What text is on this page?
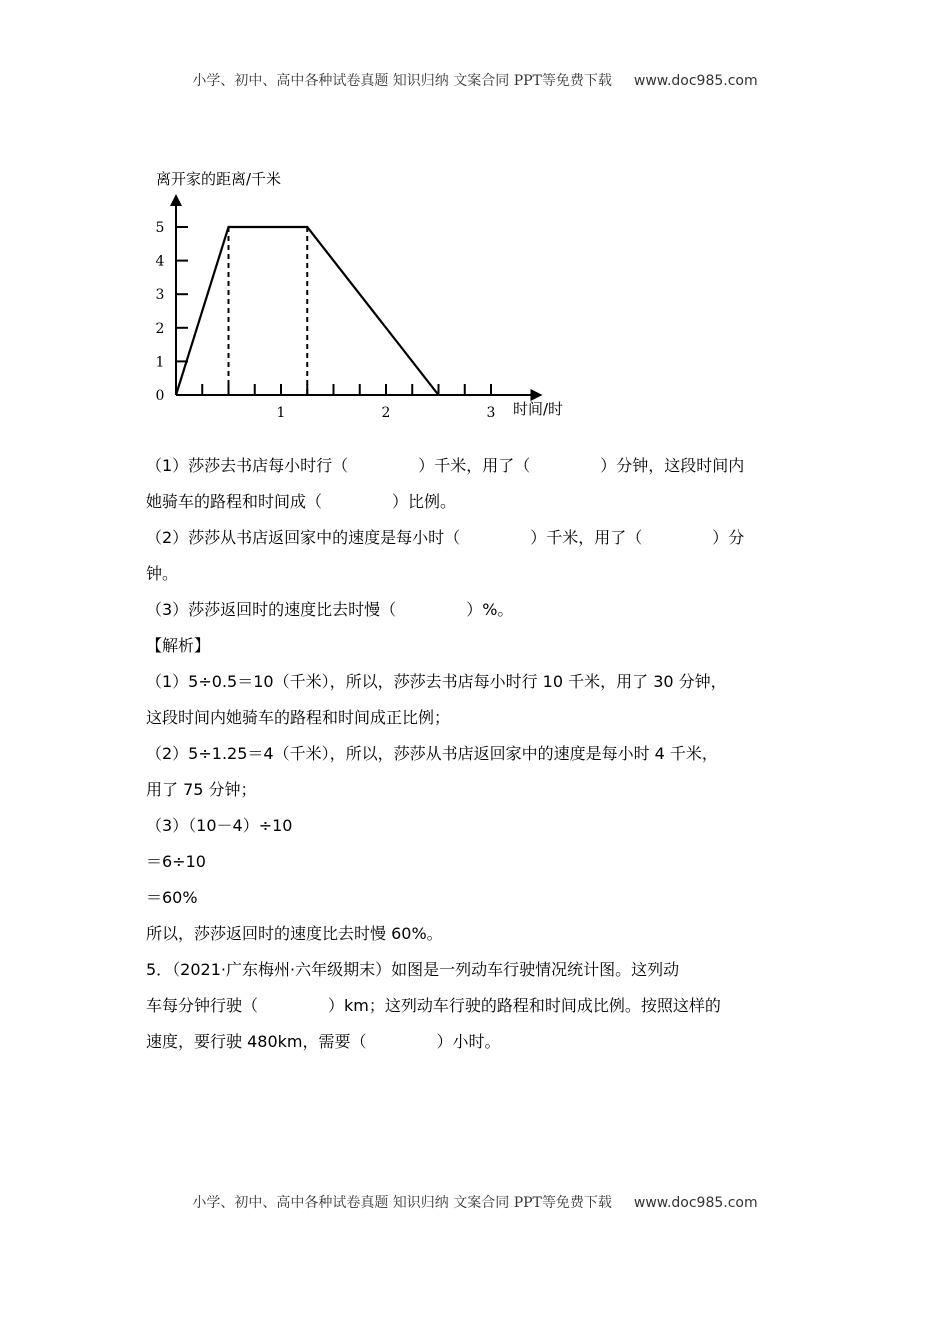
小学、初中、高中各种试卷真题 知识归纳 文案合同 PPT等免费下载 www.doc985.com
离开家的距离/千米
时间/时
1	2	3
0
1
2
3
4
5
（1）莎莎去书店每小时行（	）千米，用了（	）分钟，这段时间内
她骑车的路程和时间成（	）比例。
（2）莎莎从书店返回家中的速度是每小时（	）千米，用了（	）分
钟。
（3）莎莎返回时的速度比去时慢（	）%。
【解析】
（1）5÷0.5＝10（千米），所以，莎莎去书店每小时行 10 千米，用了 30 分钟，
这段时间内她骑车的路程和时间成正比例；
（2）5÷1.25＝4（千米），所以，莎莎从书店返回家中的速度是每小时 4 千米，
用了 75 分钟；
（3）（10－4）÷10
＝6÷10
＝60%
所以，莎莎返回时的速度比去时慢 60%。
5．（2021·广东梅州·六年级期末）如图是一列动车行驶情况统计图。这列动
车每分钟行驶（	）km；这列动车行驶的路程和时间成比例。按照这样的
速度，要行驶 480km，需要（	）小时。
小学、初中、高中各种试卷真题 知识归纳 文案合同 PPT等免费下载 www.doc985.com
